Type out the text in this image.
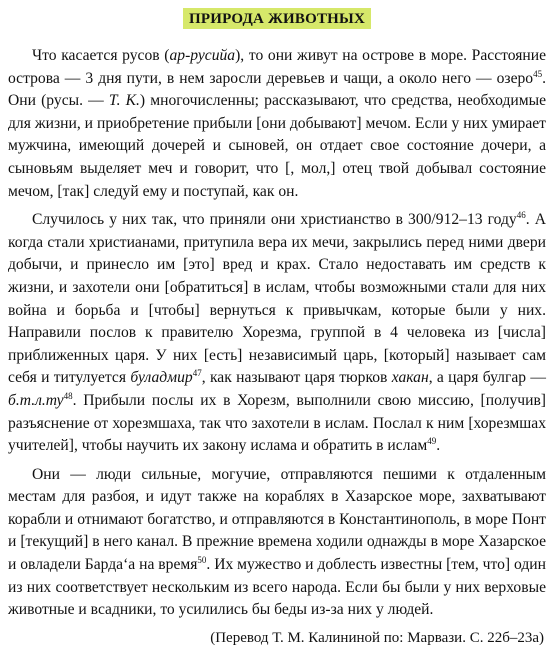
ПРИРОДА ЖИВОТНЫХ
Что касается русов (ар-русийа), то они живут на острове в море. Расстояние острова — 3 дня пути, в нем заросли деревьев и чащи, а около него — озеро$^{45}$. Они (русы. — Т. К.) многочисленны; рассказывают, что средства, необходимые для жизни, и приобретение прибыли [они добывают] мечом. Если у них умирает мужчина, имеющий дочерей и сыновей, он отдает свое состояние дочери, а сыновьям выделяет меч и говорит, что [, мол,] отец твой добывал состояние мечом, [так] следуй ему и поступай, как он.
Случилось у них так, что приняли они христианство в 300/912–13 году$^{46}$. А когда стали христианами, притупила вера их мечи, закрылись перед ними двери добычи, и принесло им [это] вред и крах. Стало недоставать им средств к жизни, и захотели они [обратиться] в ислам, чтобы возможными стали для них война и борьба и [чтобы] вернуться к привычкам, которые были у них. Направили послов к правителю Хорезма, группой в 4 человека из [числа] приближенных царя. У них [есть] независимый царь, [который] называет сам себя и титулуется буладмир$^{47}$, как называют царя тюрков хакан, а царя булгар — $б.т.л.ту^{48}$. Прибыли послы их в Хорезм, выполнили свою миссию, [получив] разъяснение от хорезмшаха, так что захотели в ислам. Послал к ним [хорезмшах учителей], чтобы научить их закону ислама и обратить в ислам$^{49}$.
Они — люди сильные, могучие, отправляются пешими к отдаленным местам для разбоя, и идут также на кораблях в Хазарское море, захватывают корабли и отнимают богатство, и отправляются в Константинополь, в море Понт и [текущий] в него канал. В прежние времена ходили однажды в море Хазарское и овладели Барда‘а на время$^{50}$. Их мужество и доблесть известны [тем, что] один из них соответствует нескольким из всего народа. Если бы были у них верховые животные и всадники, то усилились бы беды из-за них у людей.
(Перевод Т. М. Калининой по: Марвази. С. 22б–23а)
